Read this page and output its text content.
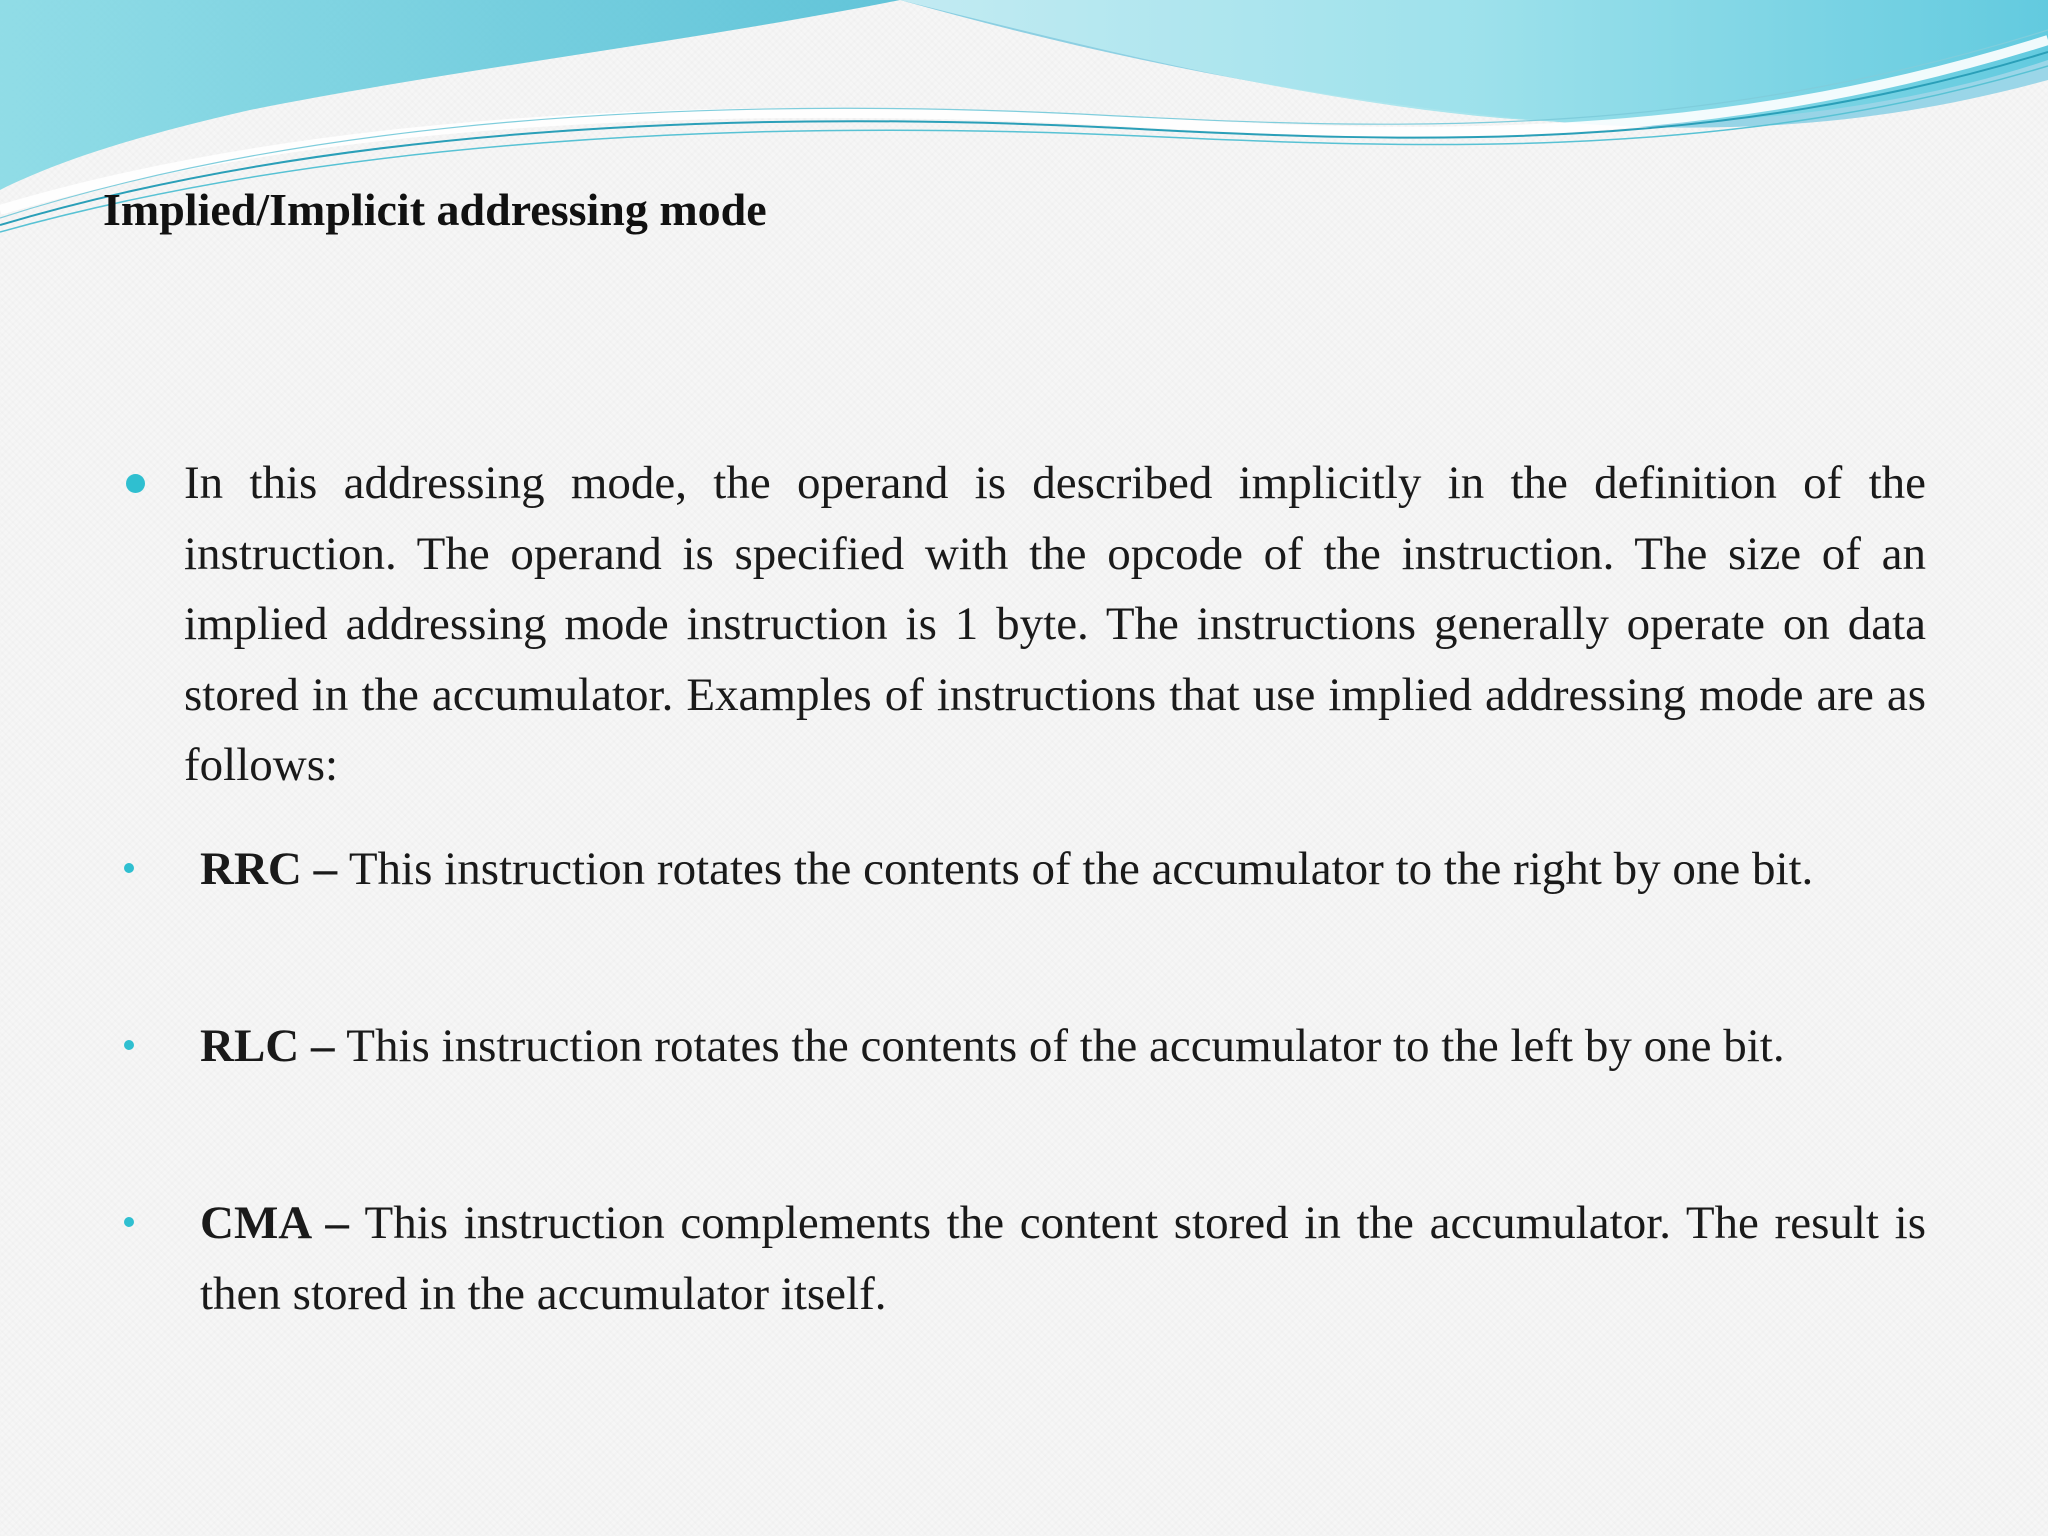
Implied/Implicit addressing mode

In this addressing mode, the operand is described implicitly in the definition of the instruction. The operand is specified with the opcode of the instruction. The size of an implied addressing mode instruction is 1 byte. The instructions generally operate on data stored in the accumulator. Examples of instructions that use implied addressing mode are as follows:

RRC – This instruction rotates the contents of the accumulator to the right by one bit.

RLC – This instruction rotates the contents of the accumulator to the left by one bit.

CMA – This instruction complements the content stored in the accumulator. The result is then stored in the accumulator itself.
